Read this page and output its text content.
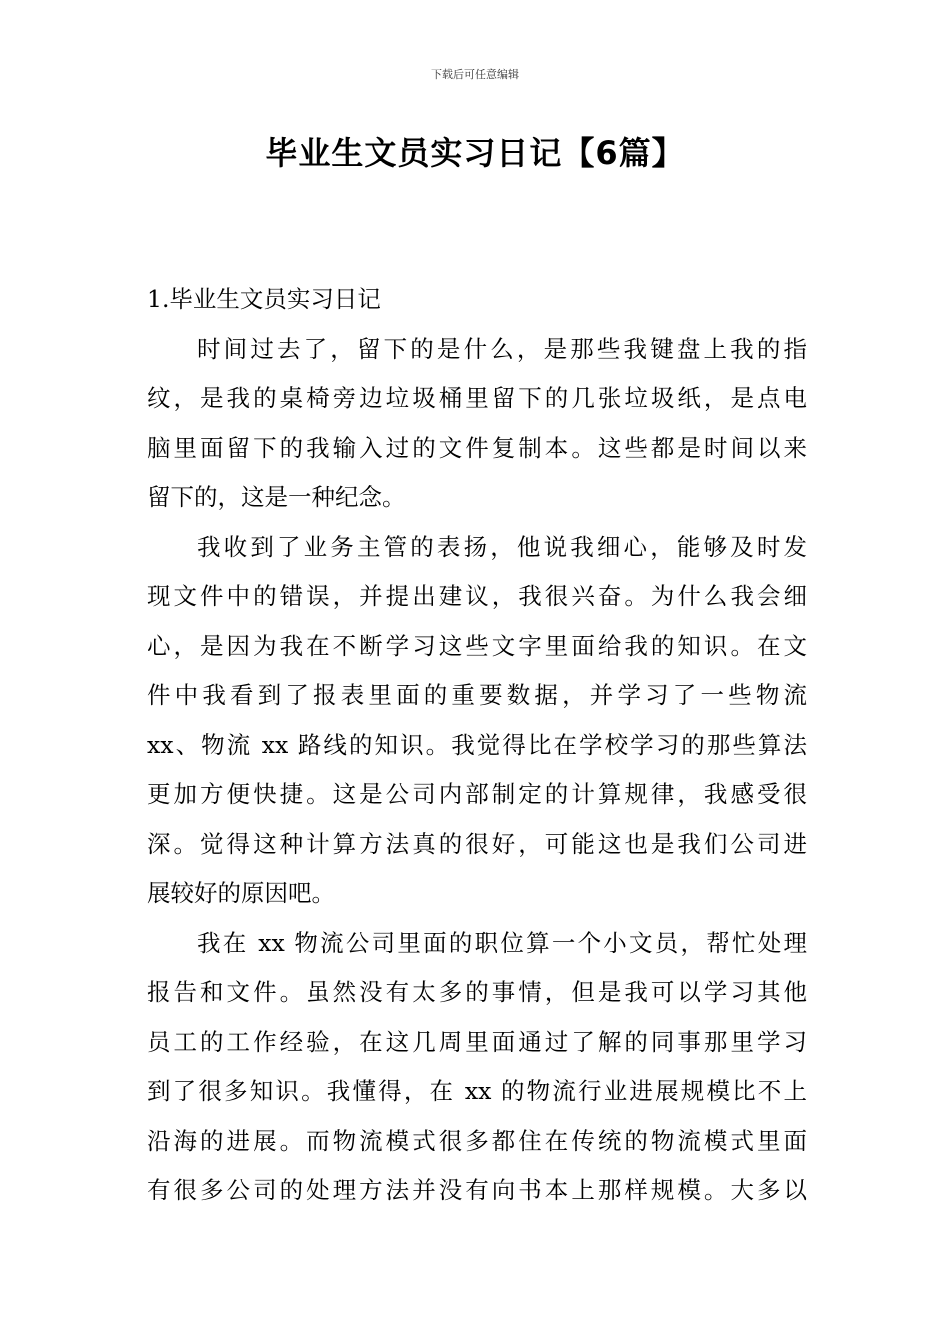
下载后可任意编辑
毕业生文员实习日记【6篇】
1.毕业生文员实习日记
时间过去了，留下的是什么，是那些我键盘上我的指
纹，是我的桌椅旁边垃圾桶里留下的几张垃圾纸，是点电
脑里面留下的我输入过的文件复制本。这些都是时间以来
留下的，这是一种纪念。
我收到了业务主管的表扬，他说我细心，能够及时发
现文件中的错误，并提出建议，我很兴奋。为什么我会细
心，是因为我在不断学习这些文字里面给我的知识。在文
件中我看到了报表里面的重要数据，并学习了一些物流
xx、物流 xx 路线的知识。我觉得比在学校学习的那些算法
更加方便快捷。这是公司内部制定的计算规律，我感受很
深。觉得这种计算方法真的很好，可能这也是我们公司进
展较好的原因吧。
我在 xx 物流公司里面的职位算一个小文员，帮忙处理
报告和文件。虽然没有太多的事情，但是我可以学习其他
员工的工作经验，在这几周里面通过了解的同事那里学习
到了很多知识。我懂得，在 xx 的物流行业进展规模比不上
沿海的进展。而物流模式很多都住在传统的物流模式里面
有很多公司的处理方法并没有向书本上那样规模。大多以
